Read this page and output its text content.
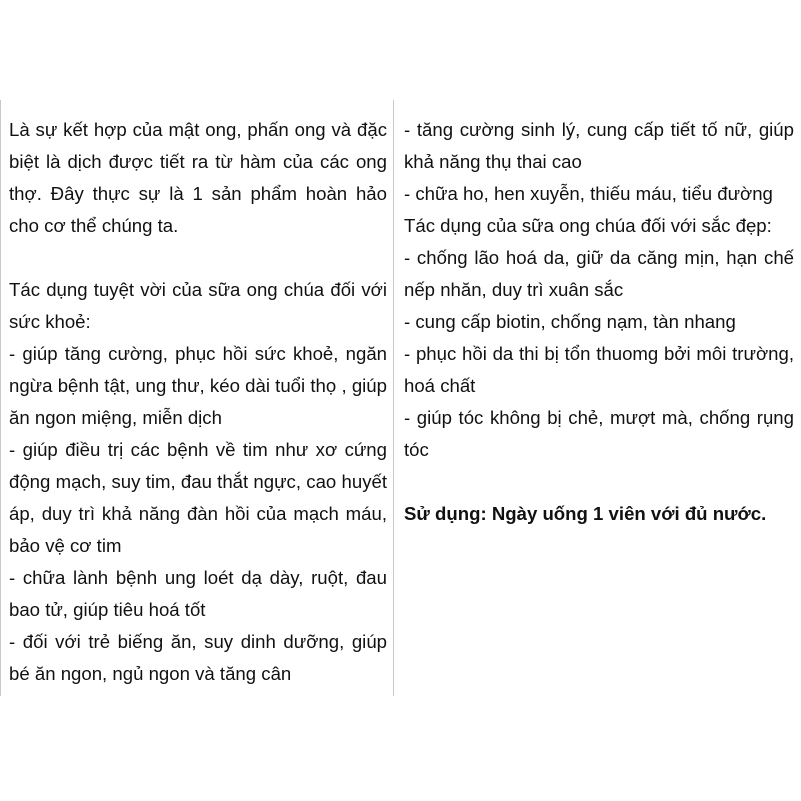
Là sự kết hợp của mật ong, phấn ong và đặc biệt là dịch được tiết ra từ hàm của các ong thợ. Đây thực sự là 1 sản phẩm hoàn hảo cho cơ thể chúng ta.

Tác dụng tuyệt vời của sữa ong chúa đối với sức khoẻ:

- giúp tăng cường, phục hồi sức khoẻ, ngăn ngừa bệnh tật, ung thư, kéo dài tuổi thọ , giúp ăn ngon miệng, miễn dịch

- giúp điều trị các bệnh về tim như xơ cứng động mạch, suy tim, đau thắt ngực, cao huyết áp, duy trì khả năng đàn hồi của mạch máu, bảo vệ cơ tim

- chữa lành bệnh ung loét dạ dày, ruột, đau bao tử, giúp tiêu hoá tốt

- đối với trẻ biếng ăn, suy dinh dưỡng, giúp bé ăn ngon, ngủ ngon và tăng cân

- tăng cường sinh lý, cung cấp tiết tố nữ, giúp khả năng thụ thai cao

- chữa ho, hen xuyễn, thiếu máu, tiểu đường

Tác dụng của sữa ong chúa đối với sắc đẹp:

- chống lão hoá da, giữ da căng mịn, hạn chế nếp nhăn, duy trì xuân sắc

- cung cấp biotin, chống nạm, tàn nhang

- phục hồi da thi bị tổn thuomg bởi môi trường, hoá chất

- giúp tóc không bị chẻ, mượt mà, chống rụng tóc

Sử dụng: Ngày uống 1 viên với đủ nước.
